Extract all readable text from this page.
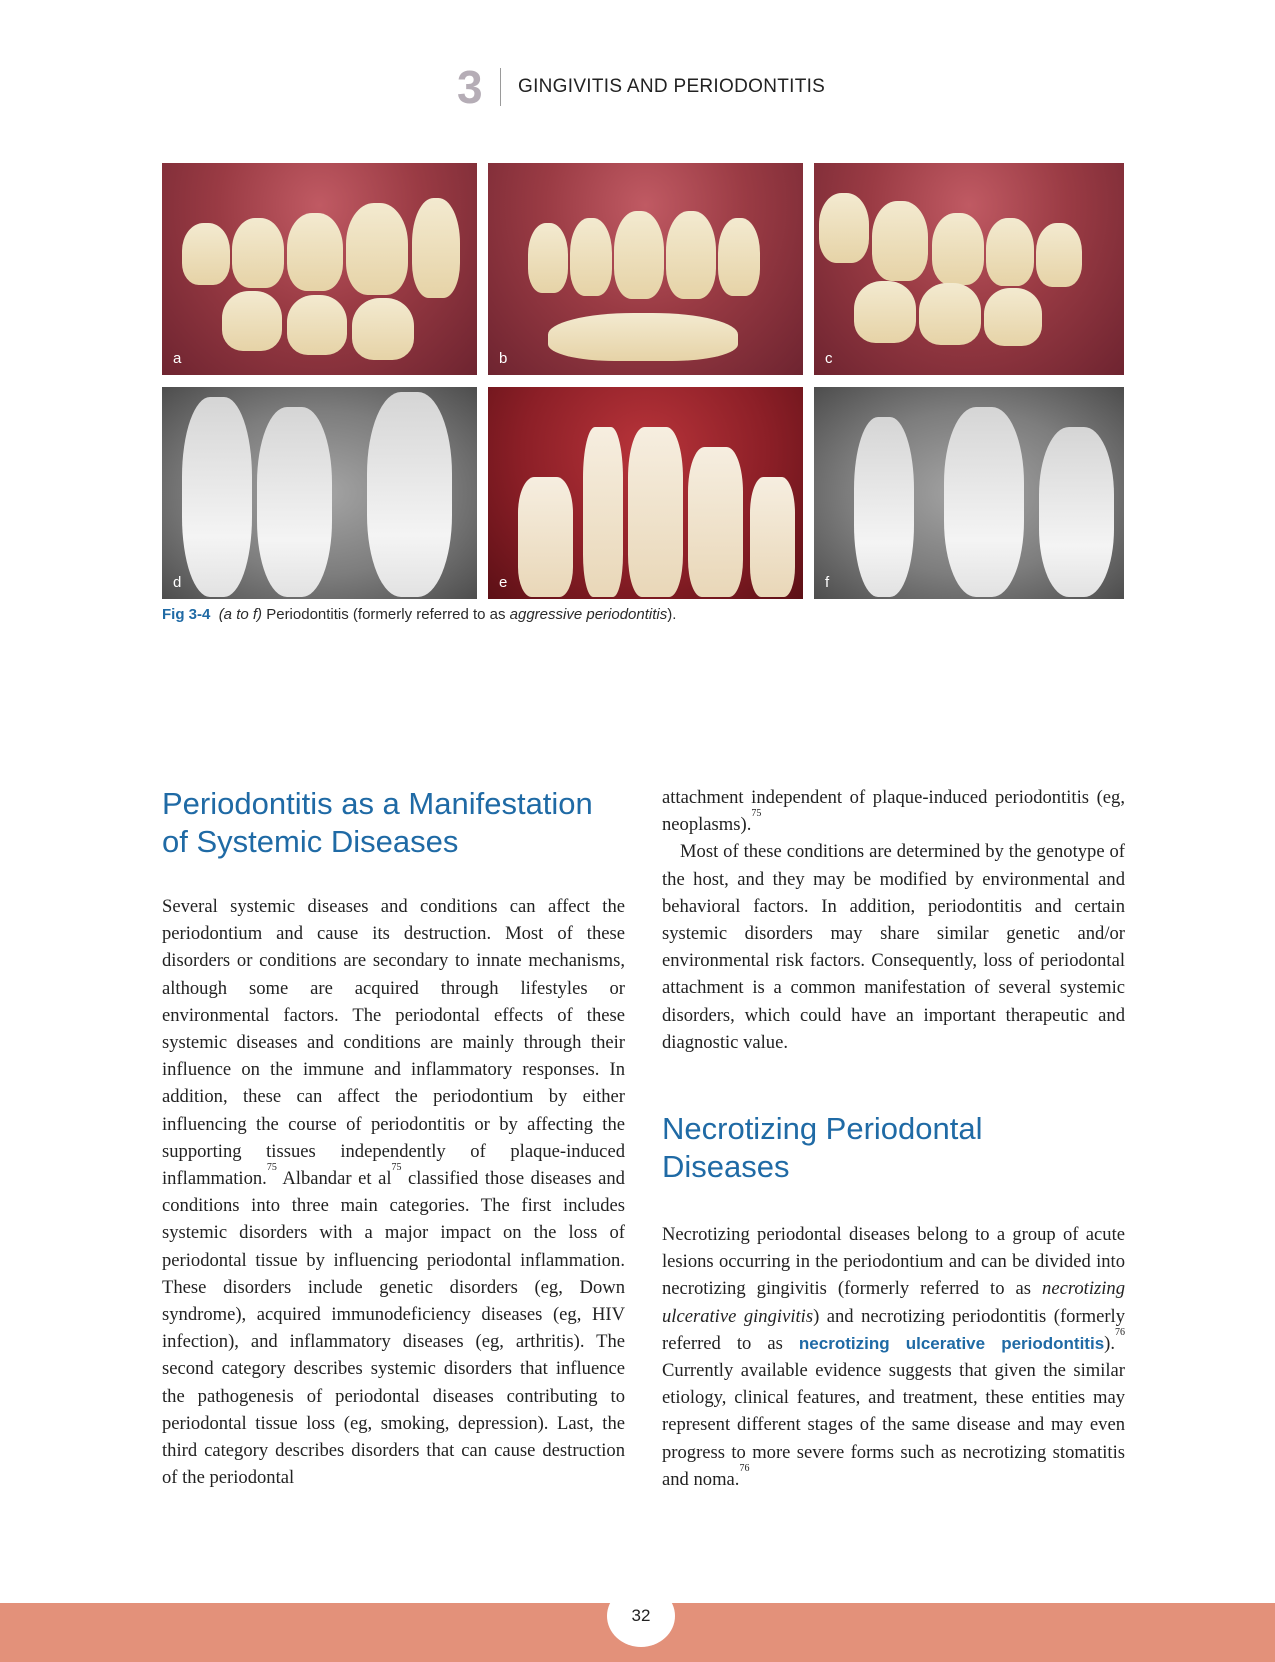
3 GINGIVITIS AND PERIODONTITIS
a	b	c
d	e	f
Fig 3-4 (a to f) Periodontitis (formerly referred to as aggressive periodontitis).
Periodontitis as a Manifestation
of Systemic Diseases

Several systemic diseases and conditions can affect the periodontium and cause its destruction. Most of these disorders or conditions are secondary to innate mechanisms, although some are acquired through lifestyles or environmental factors. The periodontal effects of these systemic diseases and conditions are mainly through their influence on the immune and inflammatory responses. In addition, these can affect the periodontium by either influencing the course of periodontitis or by affecting the supporting tissues independently of plaque-induced inflammation.$^{75}$ Albandar et al$^{75}$ classified those diseases and conditions into three main categories. The first includes systemic disorders with a major impact on the loss of periodontal tissue by influencing periodontal inflammation. These disorders include genetic disorders (eg, Down syndrome), acquired immunodeficiency diseases (eg, HIV infection), and inflammatory diseases (eg, arthritis). The second category describes systemic disorders that influence the pathogenesis of periodontal diseases contributing to periodontal tissue loss (eg, smoking, depression). Last, the third category describes disorders that can cause destruction of the periodontal

attachment independent of plaque-induced periodontitis (eg, neoplasms).$^{75}$

Most of these conditions are determined by the genotype of the host, and they may be modified by environmental and behavioral factors. In addition, periodontitis and certain systemic disorders may share similar genetic and/or environmental risk factors. Consequently, loss of periodontal attachment is a common manifestation of several systemic disorders, which could have an important therapeutic and diagnostic value.

Necrotizing Periodontal
Diseases

Necrotizing periodontal diseases belong to a group of acute lesions occurring in the periodontium and can be divided into necrotizing gingivitis (formerly referred to as necrotizing ulcerative gingivitis) and necrotizing periodontitis (formerly referred to as necrotizing ulcerative periodontitis).$^{76}$ Currently available evidence suggests that given the similar etiology, clinical features, and treatment, these entities may represent different stages of the same disease and may even progress to more severe forms such as necrotizing stomatitis and noma.$^{76}$

32
